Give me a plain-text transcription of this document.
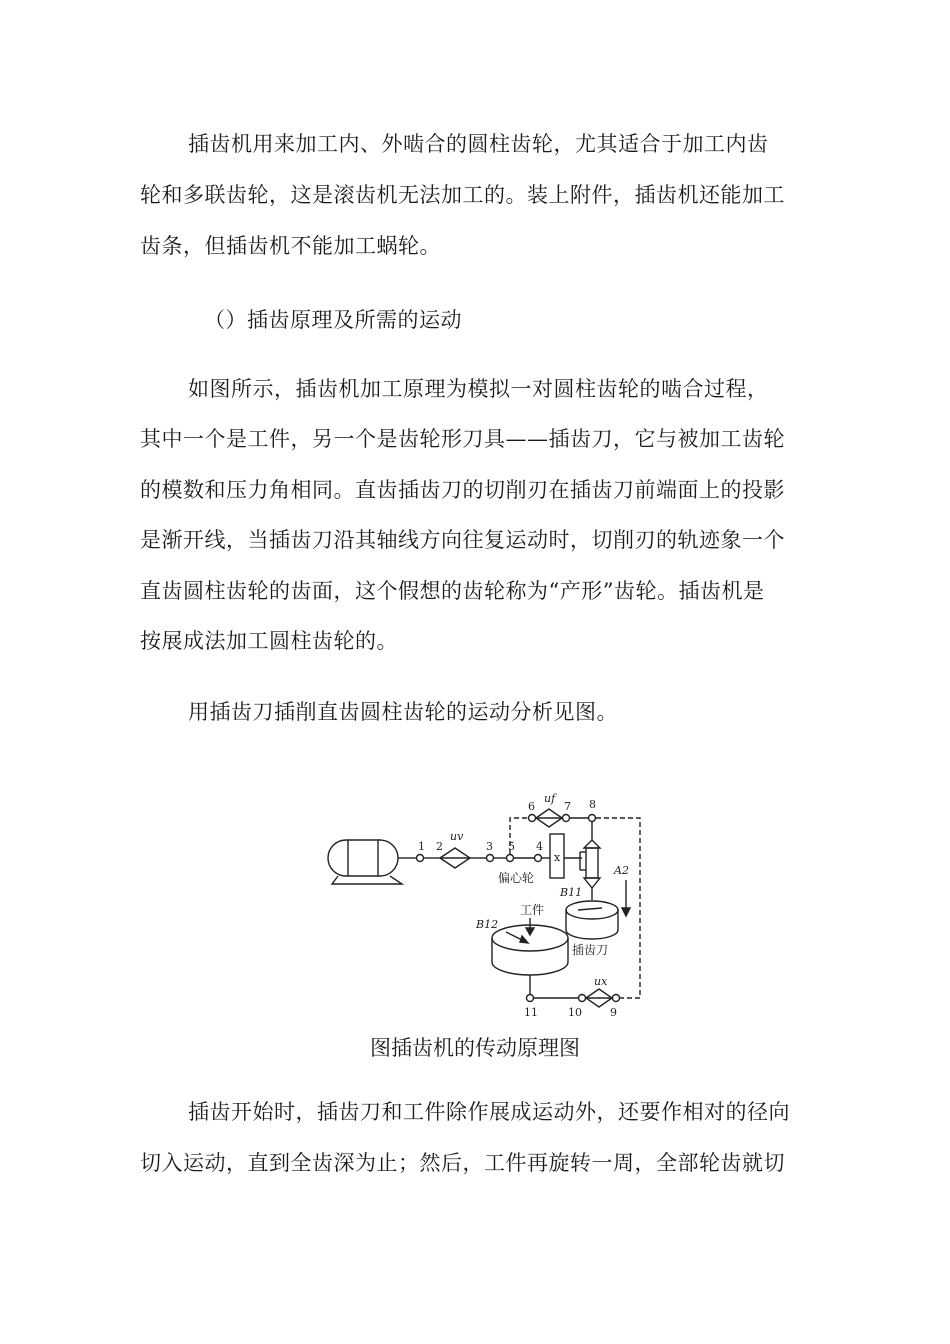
插齿机用来加工内、外啮合的圆柱齿轮，尤其适合于加工内齿
轮和多联齿轮，这是滚齿机无法加工的。装上附件，插齿机还能加工
齿条，但插齿机不能加工蜗轮。
（）插齿原理及所需的运动
如图所示，插齿机加工原理为模拟一对圆柱齿轮的啮合过程，
其中一个是工件，另一个是齿轮形刀具——插齿刀，它与被加工齿轮
的模数和压力角相同。直齿插齿刀的切削刃在插齿刀前端面上的投影
是渐开线，当插齿刀沿其轴线方向往复运动时，切削刃的轨迹象一个
直齿圆柱齿轮的齿面，这个假想的齿轮称为“产形”齿轮。插齿机是
按展成法加工圆柱齿轮的。
用插齿刀插削直齿圆柱齿轮的运动分析见图。
1 2
uv
3 5 4
6
uf
7 8
x
偏心轮
A2
B11
工件
B12
插齿刀
11	10
ux
9
图插齿机的传动原理图
插齿开始时，插齿刀和工件除作展成运动外，还要作相对的径向
切入运动，直到全齿深为止；然后，工件再旋转一周，全部轮齿就切
